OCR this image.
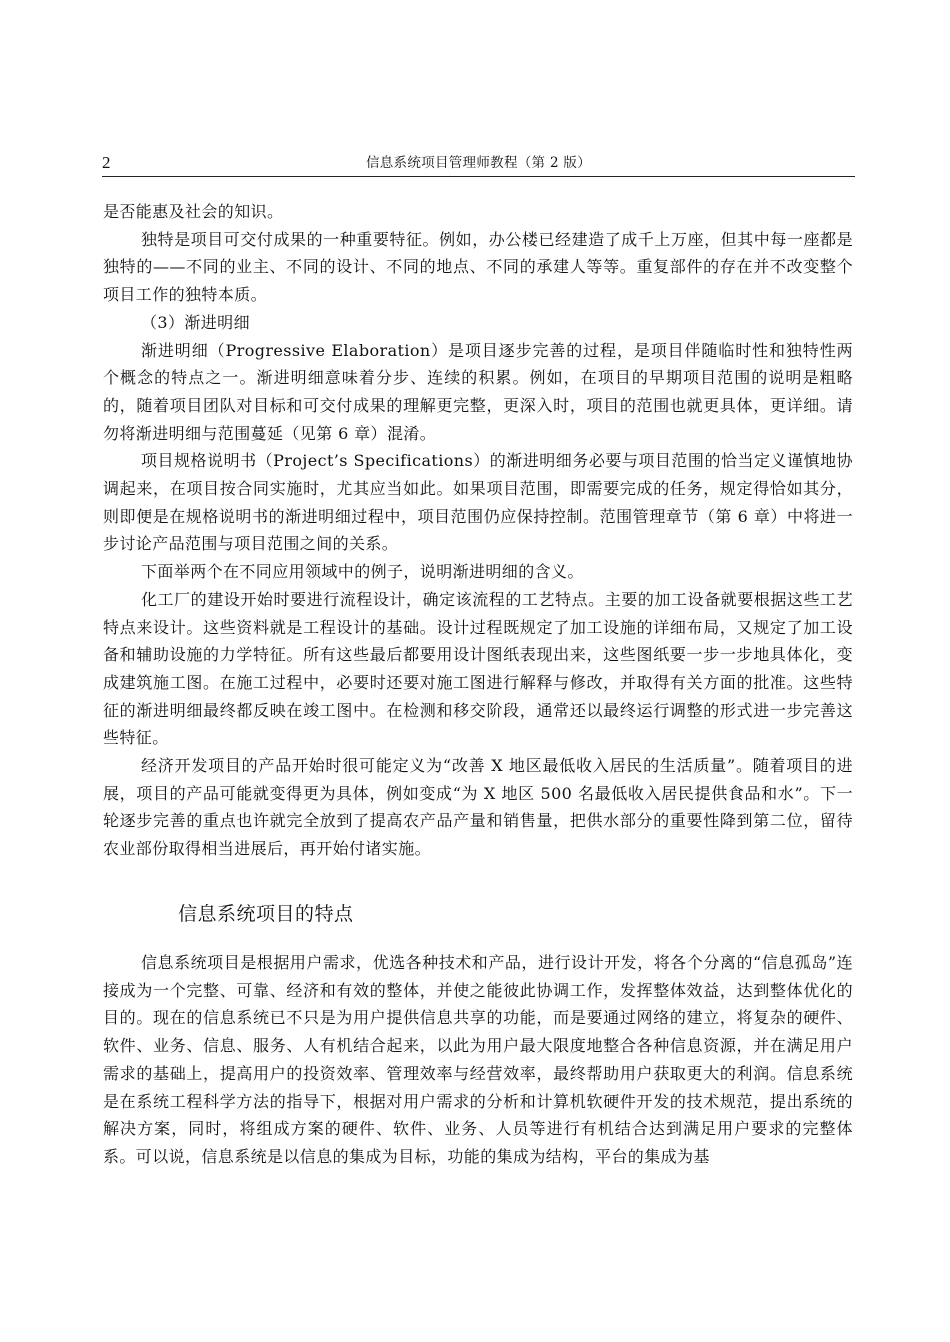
2	信息系统项目管理师教程（第 2 版）

是否能惠及社会的知识。

独特是项目可交付成果的一种重要特征。例如，办公楼已经建造了成千上万座，但其中每一座都是独特的——不同的业主、不同的设计、不同的地点、不同的承建人等等。重复部件的存在并不改变整个项目工作的独特本质。

（3）渐进明细

渐进明细（Progressive Elaboration）是项目逐步完善的过程，是项目伴随临时性和独特性两个概念的特点之一。渐进明细意味着分步、连续的积累。例如，在项目的早期项目范围的说明是粗略的，随着项目团队对目标和可交付成果的理解更完整，更深入时，项目的范围也就更具体，更详细。请勿将渐进明细与范围蔓延（见第 6 章）混淆。

项目规格说明书（Project’s Specifications）的渐进明细务必要与项目范围的恰当定义谨慎地协调起来，在项目按合同实施时，尤其应当如此。如果项目范围，即需要完成的任务，规定得恰如其分，则即便是在规格说明书的渐进明细过程中，项目范围仍应保持控制。范围管理章节（第 6 章）中将进一步讨论产品范围与项目范围之间的关系。

下面举两个在不同应用领域中的例子，说明渐进明细的含义。

化工厂的建设开始时要进行流程设计，确定该流程的工艺特点。主要的加工设备就要根据这些工艺特点来设计。这些资料就是工程设计的基础。设计过程既规定了加工设施的详细布局，又规定了加工设备和辅助设施的力学特征。所有这些最后都要用设计图纸表现出来，这些图纸要一步一步地具体化，变成建筑施工图。在施工过程中，必要时还要对施工图进行解释与修改，并取得有关方面的批准。这些特征的渐进明细最终都反映在竣工图中。在检测和移交阶段，通常还以最终运行调整的形式进一步完善这些特征。

经济开发项目的产品开始时很可能定义为“改善 X 地区最低收入居民的生活质量”。随着项目的进展，项目的产品可能就变得更为具体，例如变成“为 X 地区 500 名最低收入居民提供食品和水”。下一轮逐步完善的重点也许就完全放到了提高农产品产量和销售量，把供水部分的重要性降到第二位，留待农业部份取得相当进展后，再开始付诸实施。

信息系统项目的特点

信息系统项目是根据用户需求，优选各种技术和产品，进行设计开发，将各个分离的“信息孤岛”连接成为一个完整、可靠、经济和有效的整体，并使之能彼此协调工作，发挥整体效益，达到整体优化的目的。现在的信息系统已不只是为用户提供信息共享的功能，而是要通过网络的建立，将复杂的硬件、软件、业务、信息、服务、人有机结合起来，以此为用户最大限度地整合各种信息资源，并在满足用户需求的基础上，提高用户的投资效率、管理效率与经营效率，最终帮助用户获取更大的利润。信息系统是在系统工程科学方法的指导下，根据对用户需求的分析和计算机软硬件开发的技术规范，提出系统的解决方案，同时，将组成方案的硬件、软件、业务、人员等进行有机结合达到满足用户要求的完整体系。可以说，信息系统是以信息的集成为目标，功能的集成为结构，平台的集成为基
